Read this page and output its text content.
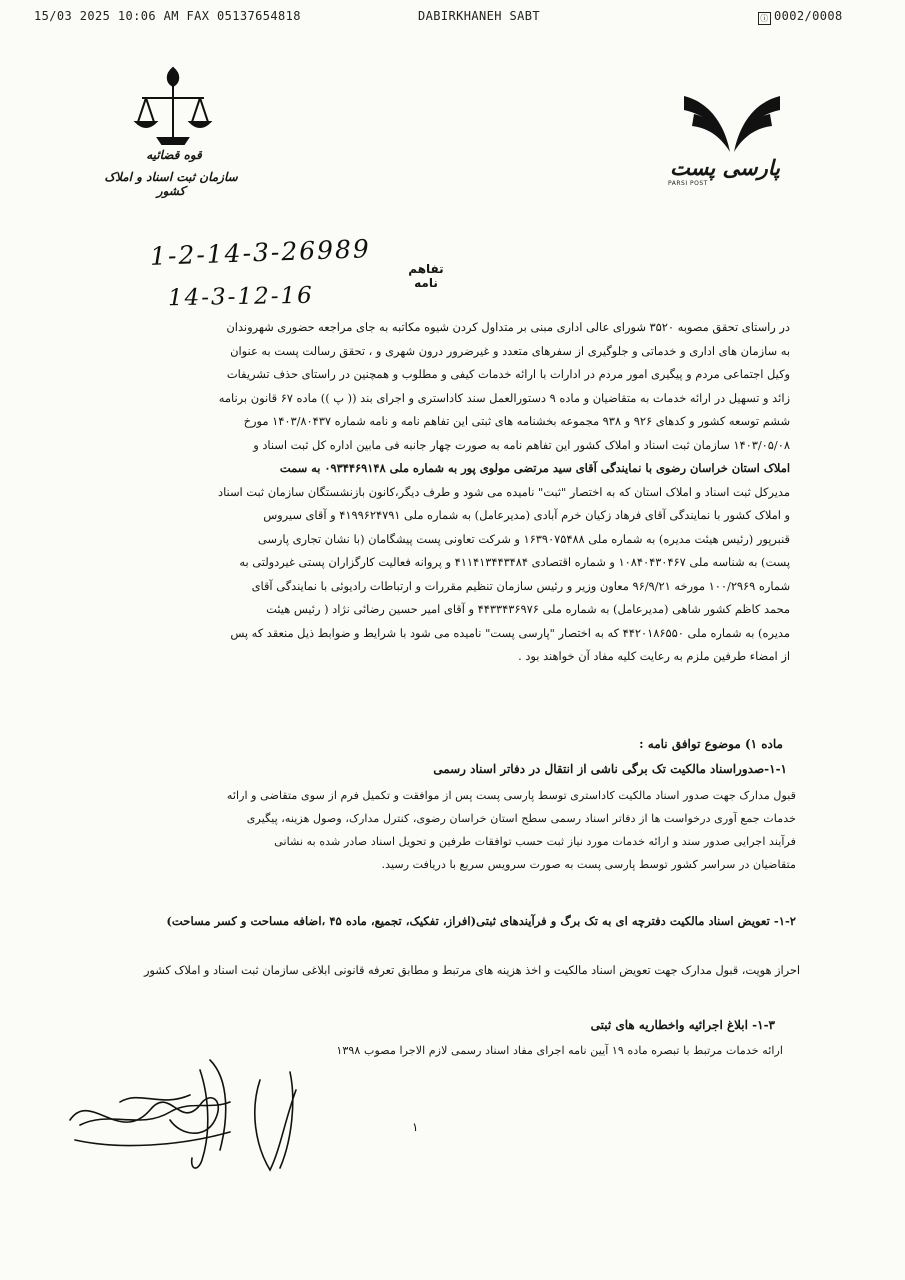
15/03 2025 10:06 AM FAX 05137654818	DABIRKHANEH SABT	ⓘ 0002/0008
قوه قضائیه
سازمان ثبت اسناد و املاک کشور
پارسی پست
PARSI POST
1-2-14-3-26989
14-3-12-16
تفاهم نامه
در راستای تحقق مصوبه ۳۵۲۰ شورای عالی اداری مبنی بر متداول کردن شیوه مکاتبه به جای مراجعه حضوری شهروندان
به سازمان های اداری و خدماتی و جلوگیری از سفرهای متعدد و غیرضرور درون شهری و ، تحقق رسالت پست به عنوان
وکیل اجتماعی مردم و پیگیری امور مردم در ادارات با ارائه خدمات کیفی و مطلوب و همچنین در راستای حذف تشریفات
زائد و تسهیل در ارائه خدمات به متقاضیان و ماده ۹ دستورالعمل سند کاداستری و اجرای بند (( پ )) ماده ۶۷ قانون برنامه
ششم توسعه کشور و کدهای ۹۲۶ و ۹۳۸ مجموعه بخشنامه های ثبتی این تفاهم نامه و نامه شماره ۱۴۰۳/۸۰۴۳۷ مورخ
۱۴۰۳/۰۵/۰۸ سازمان ثبت اسناد و املاک کشور این تفاهم نامه به صورت چهار جانبه فی مابین اداره کل ثبت اسناد و
املاک استان خراسان رضوی با نمایندگی آقای سید مرتضی مولوی پور به شماره ملی ۰۹۳۴۴۶۹۱۴۸ به سمت
مدیرکل ثبت اسناد و املاک استان که به اختصار "ثبت" نامیده می شود و طرف دیگر،کانون بازنشستگان سازمان ثبت اسناد
و املاک کشور با نمایندگی آقای فرهاد زکیان خرم آبادی (مدیرعامل) به شماره ملی ۴۱۹۹۶۲۴۷۹۱ و آقای سیروس
قنبرپور (رئیس هیئت مدیره) به شماره ملی ۱۶۳۹۰۷۵۴۸۸ و شرکت تعاونی پست پیشگامان (با نشان تجاری پارسی
پست) به شناسه ملی ۱۰۸۴۰۴۳۰۴۶۷ و شماره اقتصادی ۴۱۱۴۱۳۴۴۳۴۸۴ و پروانه فعالیت کارگزاران پستی غیردولتی به
شماره ۱۰۰/۲۹۶۹ مورخه ۹۶/۹/۲۱ معاون وزیر و رئیس سازمان تنظیم مقررات و ارتباطات رادیوئی با نمایندگی آقای
محمد کاظم کشور شاهی (مدیرعامل) به شماره ملی ۴۴۳۳۴۳۶۹۷۶ و آقای امیر حسین رضائی نژاد ( رئیس هیئت
مدیره) به شماره ملی ۴۴۲۰۱۸۶۵۵۰ که به اختصار "پارسی پست" نامیده می شود با شرایط و ضوابط ذیل منعقد که پس
از امضاء طرفین ملزم به رعایت کلیه مفاد آن خواهند بود .
ماده ۱) موضوع توافق نامه :
۱-۱-صدوراسناد مالکیت تک برگی ناشی از انتقال در دفاتر اسناد رسمی
قبول مدارک جهت صدور اسناد مالکیت کاداستری توسط پارسی پست پس از موافقت و تکمیل فرم از سوی متقاضی و ارائه
خدمات جمع آوری درخواست ها از دفاتر اسناد رسمی سطح استان خراسان رضوی، کنترل مدارک، وصول هزینه، پیگیری
فرآیند اجرایی صدور سند و ارائه خدمات مورد نیاز ثبت حسب توافقات طرفین و تحویل اسناد صادر شده به نشانی
متقاضیان در سراسر کشور توسط پارسی پست به صورت سرویس سریع با دریافت رسید.
۱-۲- تعویض اسناد مالکیت دفترچه ای به تک برگ و فرآیندهای ثبتی(افراز، تفکیک، تجمیع، ماده ۴۵ ،اضافه مساحت و کسر مساحت)
احراز هویت، قبول مدارک جهت تعویض اسناد مالکیت و اخذ هزینه های مرتبط و مطابق تعرفه قانونی ابلاغی سازمان ثبت اسناد و املاک کشور
۱-۳- ابلاغ اجرائیه واخطاریه های ثبتی
ارائه خدمات مرتبط با تبصره ماده ۱۹ آیین نامه اجرای مفاد اسناد رسمی لازم الاجرا مصوب ۱۳۹۸
۱
